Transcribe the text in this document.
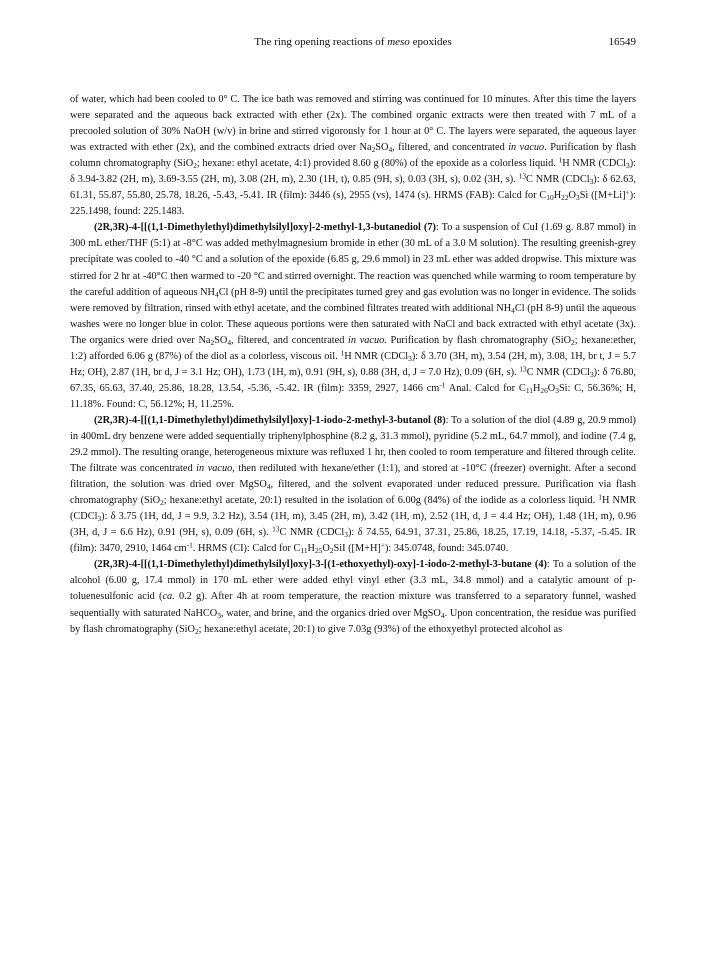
The ring opening reactions of meso epoxides	16549

of water, which had been cooled to 0° C. The ice bath was removed and stirring was continued for 10 minutes. After this time the layers were separated and the aqueous back extracted with ether (2x). The combined organic extracts were then treated with 7 mL of a precooled solution of 30% NaOH (w/v) in brine and stirred vigorously for 1 hour at 0° C. The layers were separated, the aqueous layer was extracted with ether (2x), and the combined extracts dried over $Na_2SO_4$, filtered, and concentrated in vacuo. Purification by flash column chromatography (SiO$_2$; hexane: ethyl acetate, 4:1) provided 8.60 g (80%) of the epoxide as a colorless liquid. $^1$H NMR (CDCl$_3$): δ 3.94-3.82 (2H, m), 3.69-3.55 (2H, m), 3.08 (2H, m), 2.30 (1H, t), 0.85 (9H, s), 0.03 (3H, s), 0.02 (3H, s). $^{13}$C NMR (CDCl$_3$): δ 62.63, 61.31, 55.87, 55.80, 25.78, 18.26, -5.43, -5.41. IR (film): 3446 (s), 2955 (vs), 1474 (s). HRMS (FAB): Calcd for $C_{10}H_{22}O_3Si$ ([M+Li]+): 225.1498, found: 225.1483.

(2R,3R)-4-[[(1,1-Dimethylethyl)dimethylsilyl]oxy]-2-methyl-1,3-butanediol (7): To a suspension of CuI (1.69 g. 8.87 mmol) in 300 mL ether/THF (5:1) at -8°C was added methylmagnesium bromide in ether (30 mL of a 3.0 M solution). The resulting greenish-grey precipitate was cooled to -40 °C and a solution of the epoxide (6.85 g, 29.6 mmol) in 23 mL ether was added dropwise. This mixture was stirred for 2 hr at -40°C then warmed to -20 °C and stirred overnight. The reaction was quenched while warming to room temperature by the careful addition of aqueous $NH_4Cl$ (pH 8-9) until the precipitates turned grey and gas evolution was no longer in evidence. The solids were removed by filtration, rinsed with ethyl acetate, and the combined filtrates treated with additional $NH_4Cl$ (pH 8-9) until the aqueous washes were no longer blue in color. These aqueous portions were then saturated with NaCl and back extracted with ethyl acetate (3x). The organics were dried over $Na_2SO_4$, filtered, and concentrated in vacuo. Purification by flash chromatography (SiO$_2$; hexane:ether, 1:2) afforded 6.06 g (87%) of the diol as a colorless, viscous oil. $^1$H NMR (CDCl$_3$): δ 3.70 (3H, m), 3.54 (2H, m), 3.08, 1H, br t, J = 5.7 Hz; OH), 2.87 (1H, br d, J = 3.1 Hz; OH), 1.73 (1H, m), 0.91 (9H, s), 0.88 (3H, d, J = 7.0 Hz), 0.09 (6H, s). $^{13}$C NMR (CDCl$_3$): δ 76.80, 67.35, 65.63, 37.40, 25.86, 18.28, 13.54, -5.36, -5.42. IR (film): 3359, 2927, 1466 $cm^{-1}$ Anal. Calcd for $C_{11}H_{26}O_3Si$: C, 56.36%; H, 11.18%. Found: C, 56.12%; H, 11.25%.

(2R,3R)-4-[[(1,1-Dimethylethyl)dimethylsilyl]oxy]-1-iodo-2-methyl-3-butanol (8): To a solution of the diol (4.89 g, 20.9 mmol) in 400mL dry benzene were added sequentially triphenylphosphine (8.2 g, 31.3 mmol), pyridine (5.2 mL, 64.7 mmol), and iodine (7.4 g, 29.2 mmol). The resulting orange, heterogeneous mixture was refluxed 1 hr, then cooled to room temperature and filtered through celite. The filtrate was concentrated in vacuo, then rediluted with hexane/ether (1:1), and stored at -10°C (freezer) overnight. After a second filtration, the solution was dried over MgSO$_4$, filtered, and the solvent evaporated under reduced pressure. Purification via flash chromatography (SiO$_2$; hexane:ethyl acetate, 20:1) resulted in the isolation of 6.00g (84%) of the iodide as a colorless liquid. $^1$H NMR (CDCl$_3$): δ 3.75 (1H, dd, J = 9.9, 3.2 Hz), 3.54 (1H, m), 3.45 (2H, m), 3.42 (1H, m), 2.52 (1H, d, J = 4.4 Hz; OH), 1.48 (1H, m), 0.96 (3H, d, J = 6.6 Hz), 0.91 (9H, s), 0.09 (6H, s). $^{13}$C NMR (CDCl$_3$): δ 74.55, 64.91, 37.31, 25.86, 18.25, 17.19, 14.18, -5.37, -5.45. IR (film): 3470, 2910, 1464 $cm^{-1}$. HRMS (CI): Calcd for $C_{11}H_{25}O_2SiI$ ([M+H]+): 345.0748, found: 345.0740.

(2R,3R)-4-[[(1,1-Dimethylethyl)dimethylsilyl]oxy]-3-[(1-ethoxyethyl)-oxy]-1-iodo-2-methyl-3-butane (4): To a solution of the alcohol (6.00 g, 17.4 mmol) in 170 mL ether were added ethyl vinyl ether (3.3 mL, 34.8 mmol) and a catalytic amount of p-toluenesulfonic acid (ca. 0.2 g). After 4h at room temperature, the reaction mixture was transferred to a separatory funnel, washed sequentially with saturated NaHCO$_3$, water, and brine, and the organics dried over MgSO$_4$. Upon concentration, the residue was purified by flash chromatography (SiO$_2$; hexane:ethyl acetate, 20:1) to give 7.03g (93%) of the ethoxyethyl protected alcohol as
